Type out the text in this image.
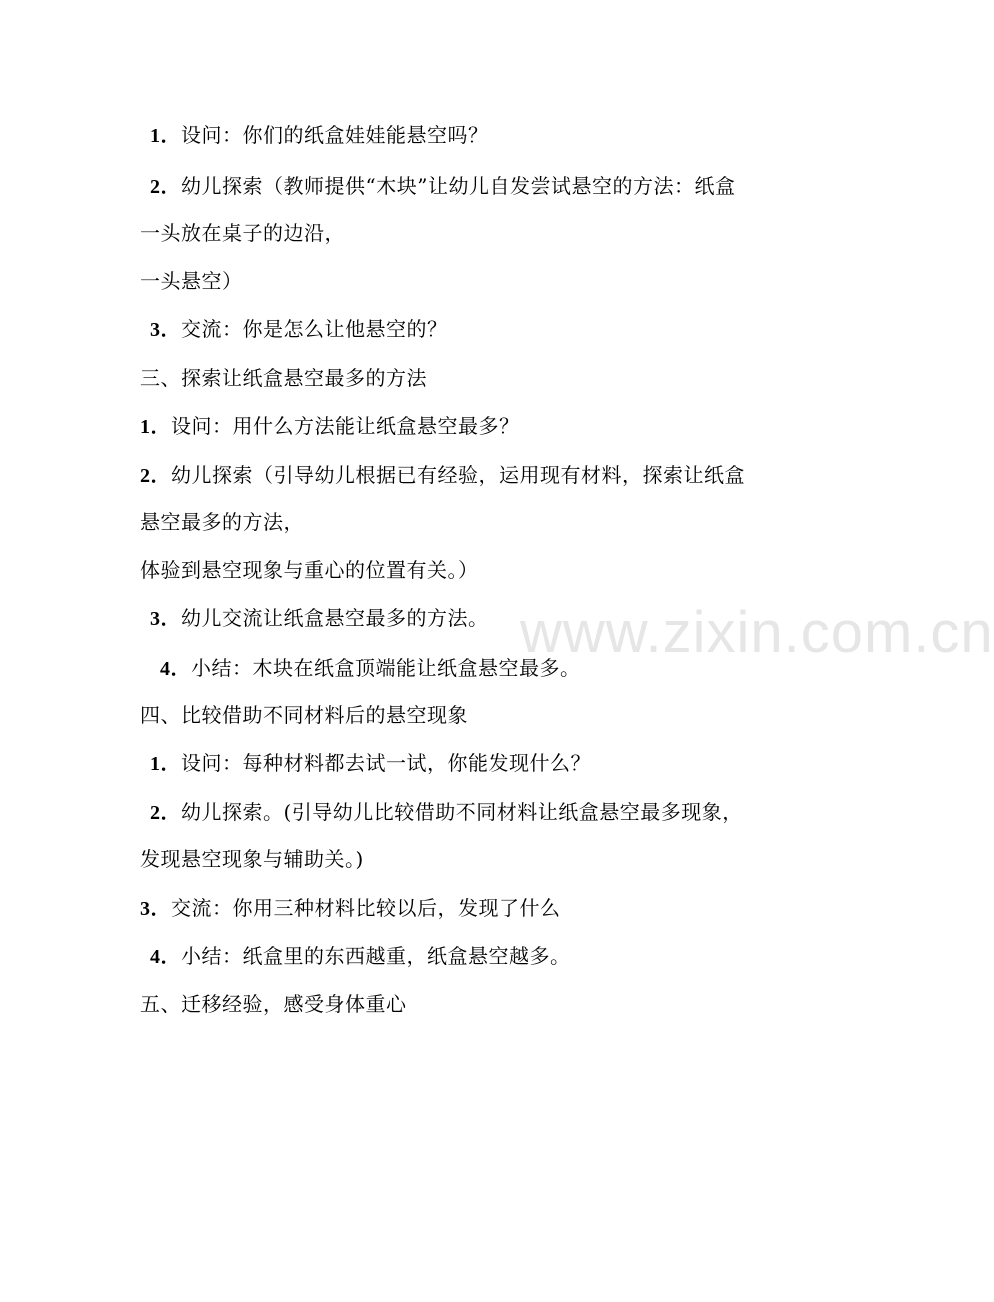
www.zixin.com.cn
1．设问：你们的纸盒娃娃能悬空吗？
2．幼儿探索（教师提供“木块”让幼儿自发尝试悬空的方法：纸盒
一头放在桌子的边沿，
一头悬空）
3．交流：你是怎么让他悬空的？
三、探索让纸盒悬空最多的方法
1．设问：用什么方法能让纸盒悬空最多？
2．幼儿探索（引导幼儿根据已有经验，运用现有材料，探索让纸盒
悬空最多的方法，
体验到悬空现象与重心的位置有关。）
3．幼儿交流让纸盒悬空最多的方法。
4．小结：木块在纸盒顶端能让纸盒悬空最多。
四、比较借助不同材料后的悬空现象
1．设问：每种材料都去试一试，你能发现什么？
2．幼儿探索。(引导幼儿比较借助不同材料让纸盒悬空最多现象，
发现悬空现象与辅助关。)
3．交流：你用三种材料比较以后，发现了什么
4．小结：纸盒里的东西越重，纸盒悬空越多。
五、迁移经验，感受身体重心
